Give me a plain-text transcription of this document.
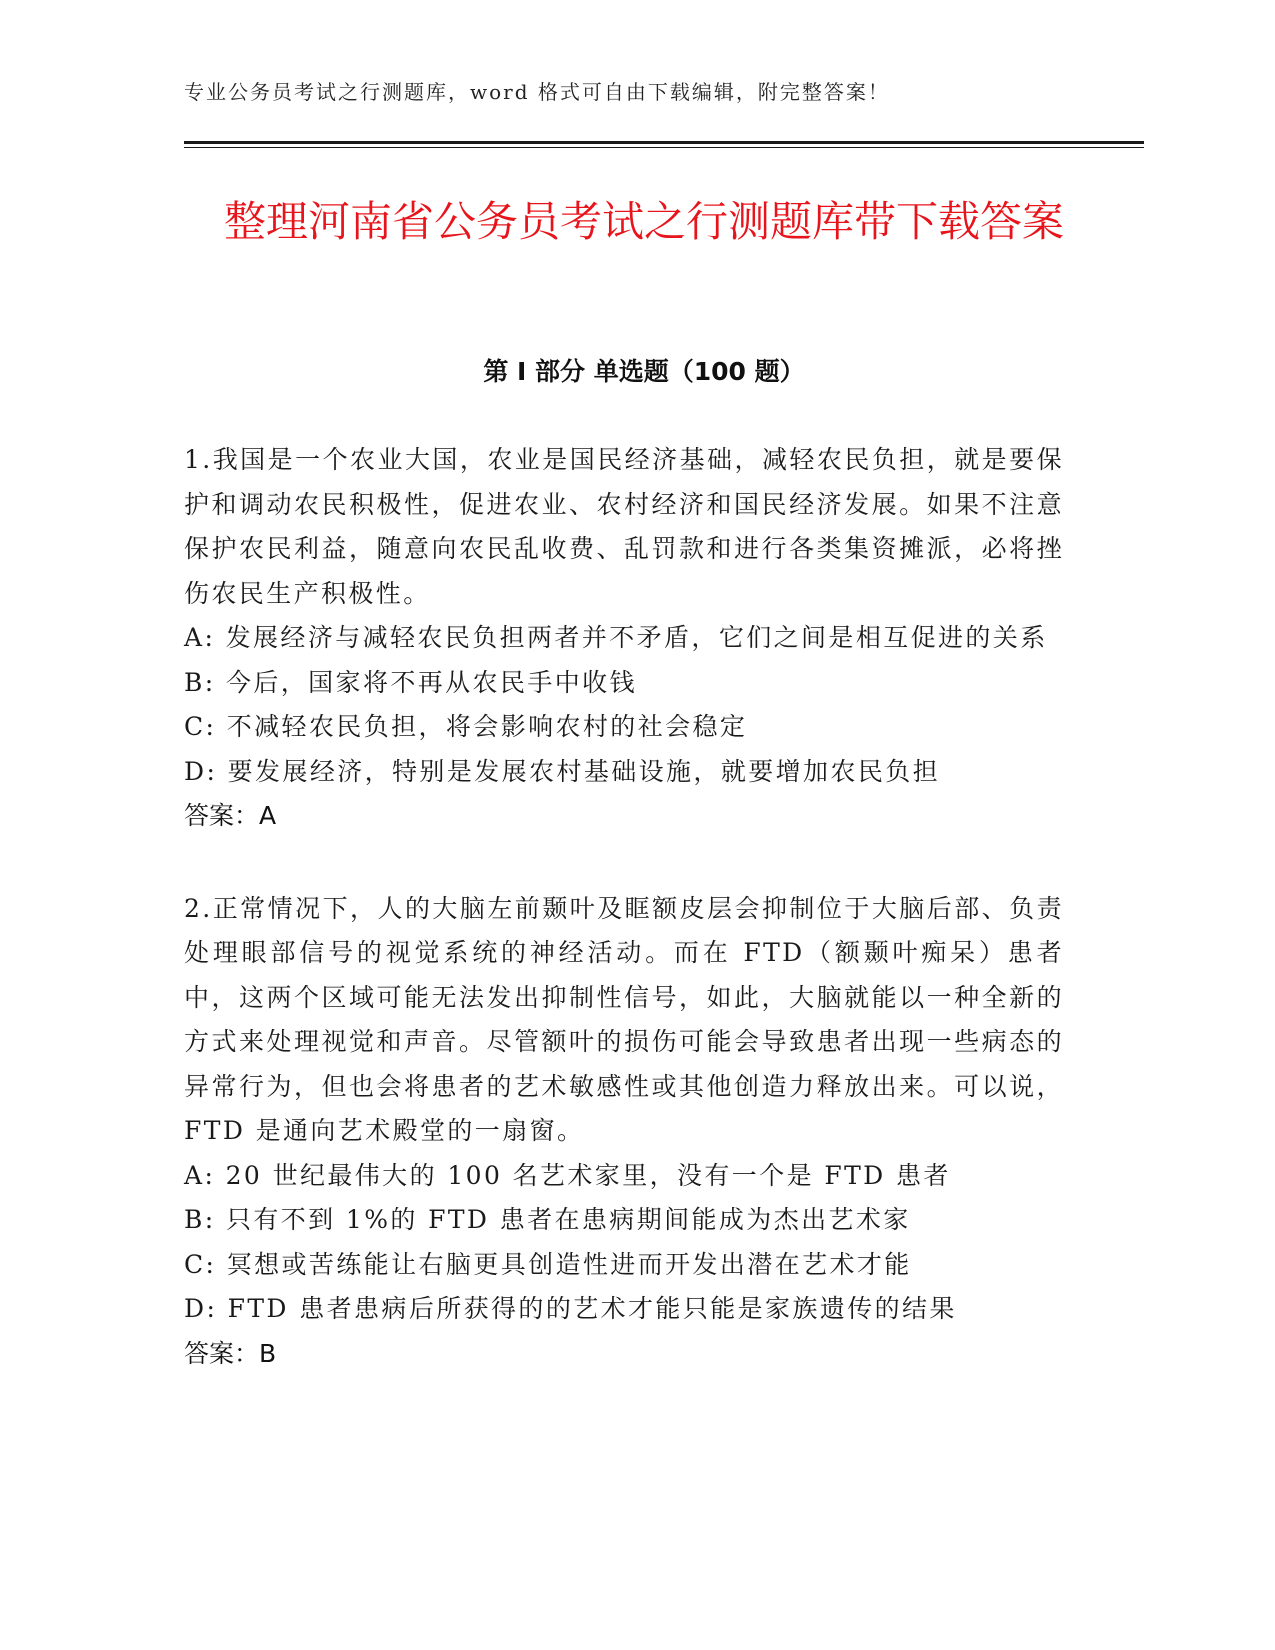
专业公务员考试之行测题库，word 格式可自由下载编辑，附完整答案！
整理河南省公务员考试之行测题库带下载答案
第 I 部分 单选题（100 题）

1.我国是一个农业大国，农业是国民经济基础，减轻农民负担，就是要保护和调动农民积极性，促进农业、农村经济和国民经济发展。如果不注意保护农民利益，随意向农民乱收费、乱罚款和进行各类集资摊派，必将挫伤农民生产积极性。

A: 发展经济与减轻农民负担两者并不矛盾，它们之间是相互促进的关系

B: 今后，国家将不再从农民手中收钱

C: 不减轻农民负担，将会影响农村的社会稳定

D: 要发展经济，特别是发展农村基础设施，就要增加农民负担

答案：A

2.正常情况下，人的大脑左前颞叶及眶额皮层会抑制位于大脑后部、负责处理眼部信号的视觉系统的神经活动。而在 FTD（额颞叶痴呆）患者中，这两个区域可能无法发出抑制性信号，如此，大脑就能以一种全新的方式来处理视觉和声音。尽管额叶的损伤可能会导致患者出现一些病态的异常行为，但也会将患者的艺术敏感性或其他创造力释放出来。可以说，FTD 是通向艺术殿堂的一扇窗。

A: 20 世纪最伟大的 100 名艺术家里，没有一个是 FTD 患者

B: 只有不到 1%的 FTD 患者在患病期间能成为杰出艺术家

C: 冥想或苦练能让右脑更具创造性进而开发出潜在艺术才能

D: FTD 患者患病后所获得的的艺术才能只能是家族遗传的结果

答案：B
